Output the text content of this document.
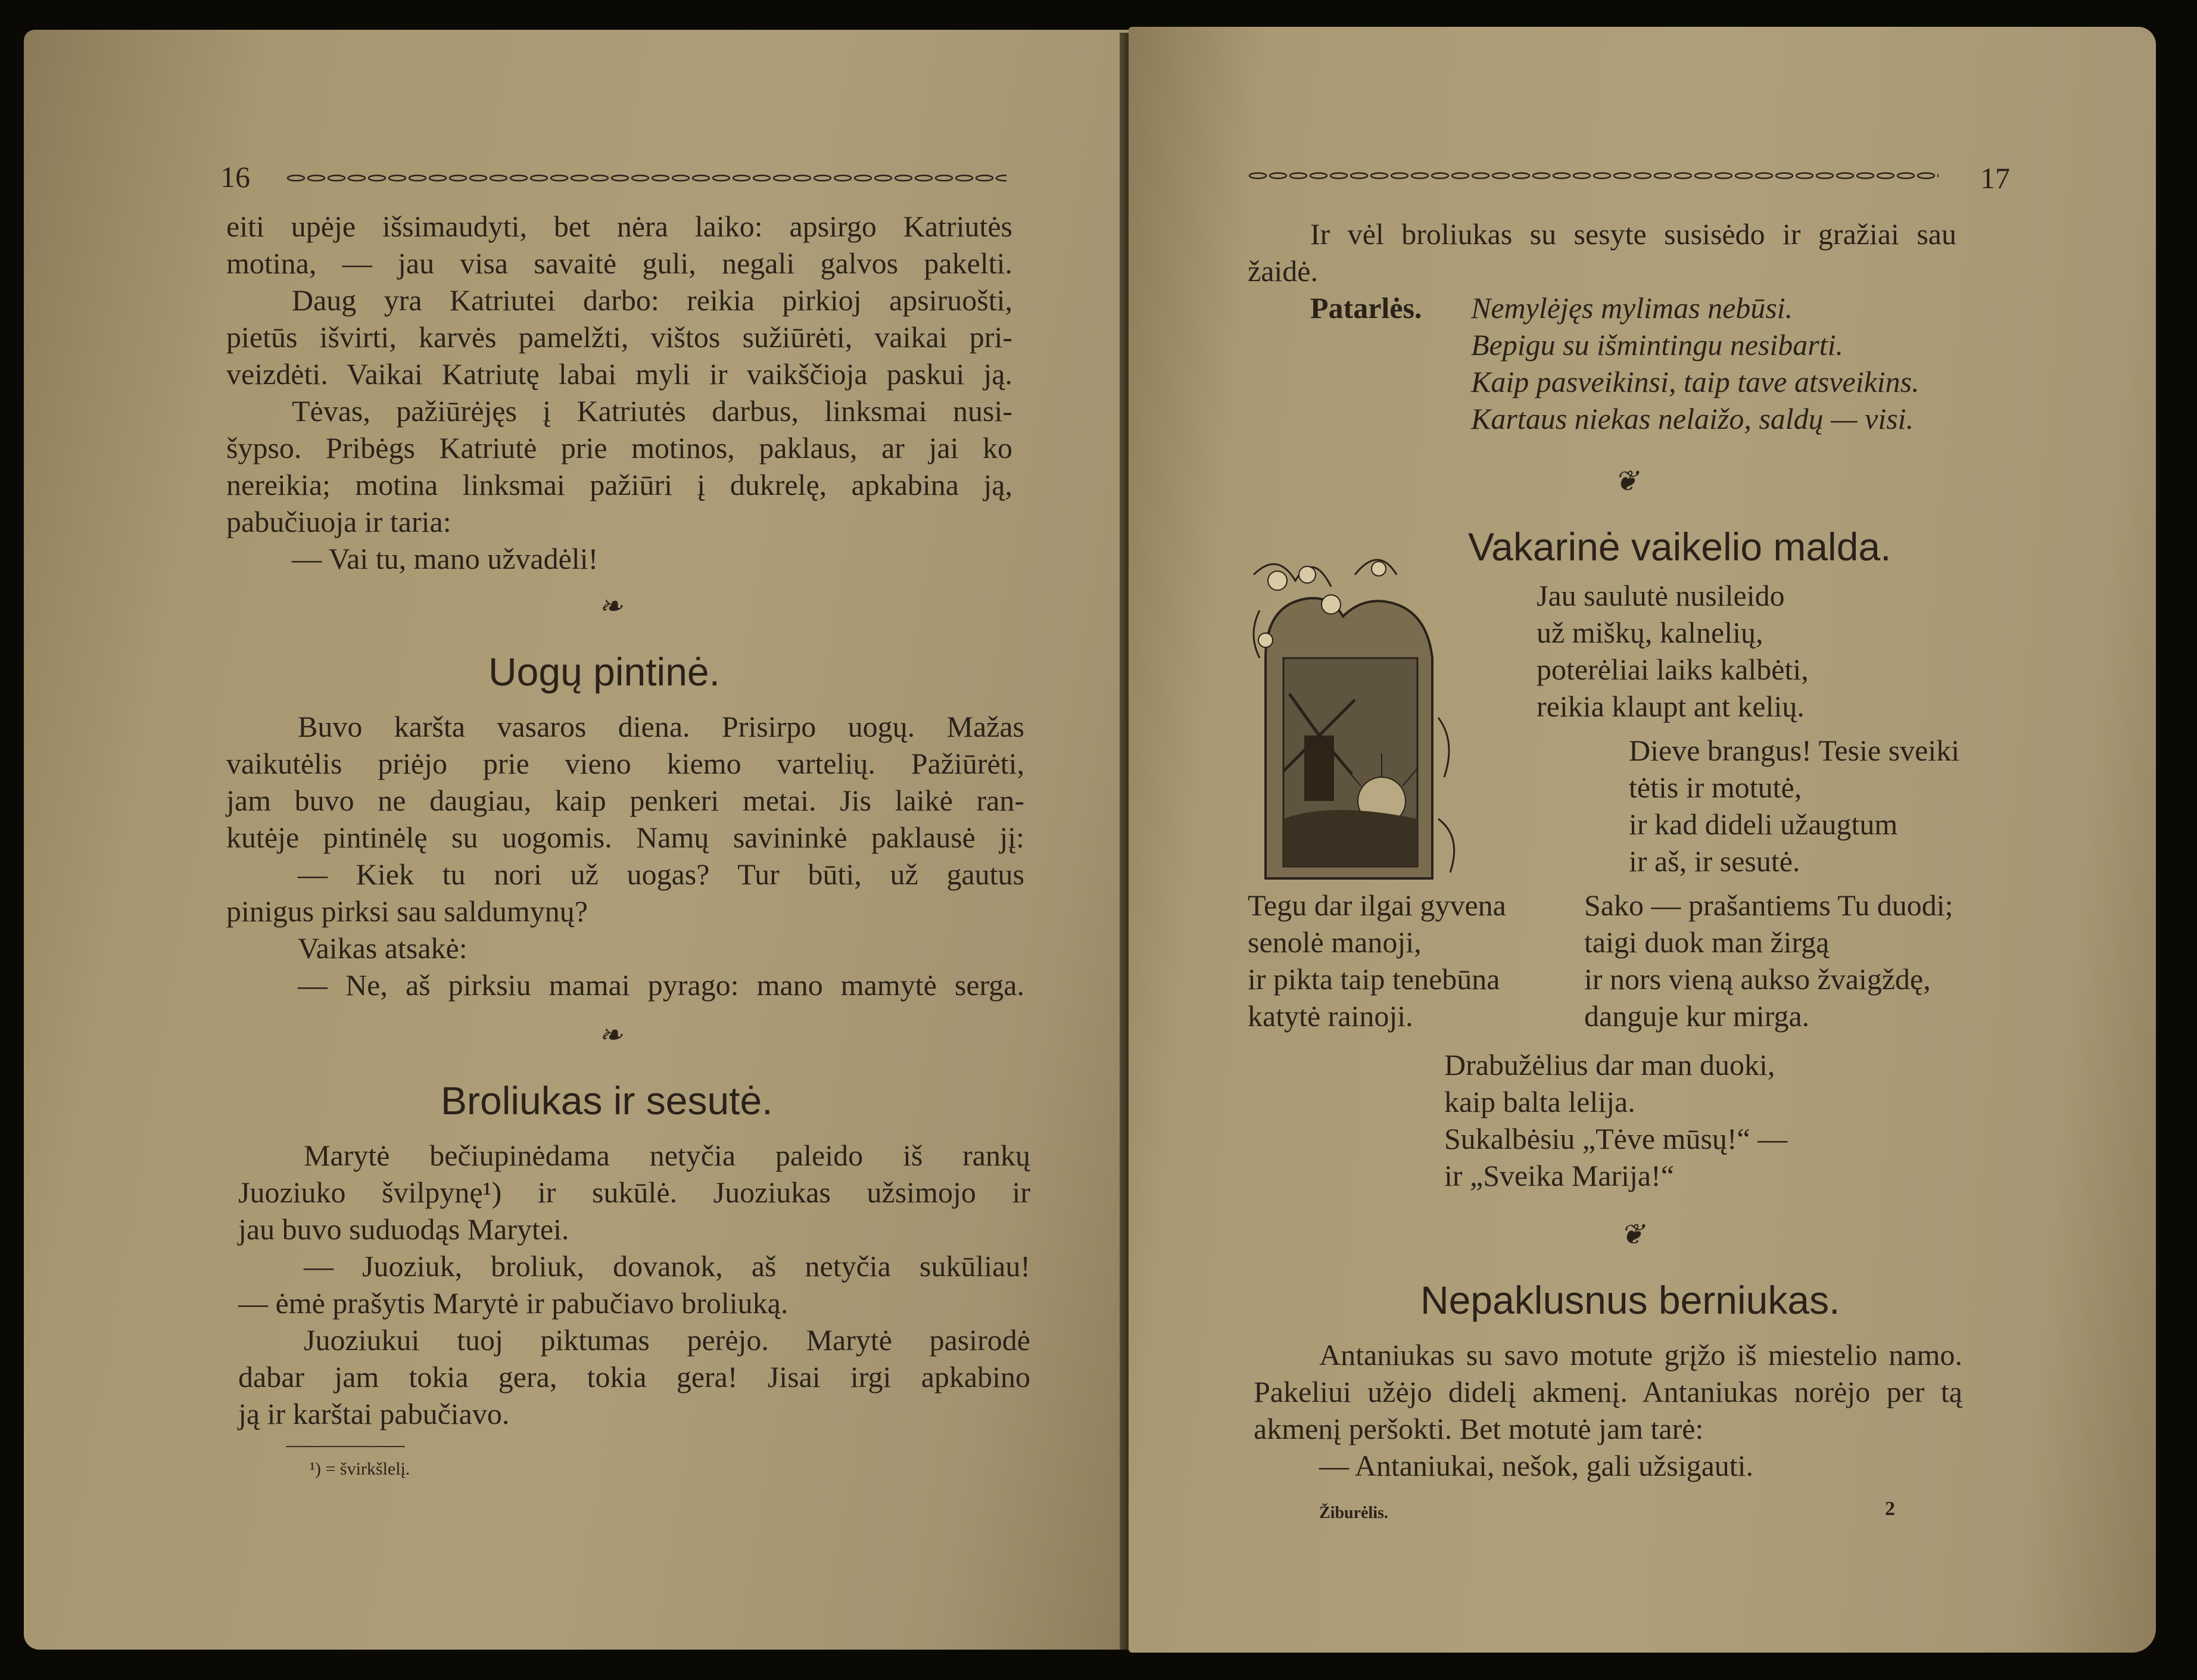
16
eiti upėje išsimaudyti, bet nėra laiko: apsirgo Katriutės
motina, — jau visa savaitė guli, negali galvos pakelti.
Daug yra Katriutei darbo: reikia pirkioj apsiruošti,
pietūs išvirti, karvės pamelžti, vištos sužiūrėti, vaikai pri-
veizdėti. Vaikai Katriutę labai myli ir vaikščioja paskui ją.
Tėvas, pažiūrėjęs į Katriutės darbus, linksmai nusi-
šypso. Pribėgs Katriutė prie motinos, paklaus, ar jai ko
nereikia; motina linksmai pažiūri į dukrelę, apkabina ją,
pabučiuoja ir taria:
— Vai tu, mano užvadėli!
❧
Uogų pintinė.
Buvo karšta vasaros diena. Prisirpo uogų. Mažas
vaikutėlis priėjo prie vieno kiemo vartelių. Pažiūrėti,
jam buvo ne daugiau, kaip penkeri metai. Jis laikė ran-
kutėje pintinėlę su uogomis. Namų savininkė paklausė jį:
— Kiek tu nori už uogas? Tur būti, už gautus
pinigus pirksi sau saldumynų?
Vaikas atsakė:
— Ne, aš pirksiu mamai pyrago: mano mamytė serga.
❧
Broliukas ir sesutė.
Marytė bečiupinėdama netyčia paleido iš rankų
Juoziuko švilpynę¹) ir sukūlė. Juoziukas užsimojo ir
jau buvo suduodąs Marytei.
— Juoziuk, broliuk, dovanok, aš netyčia sukūliau!
— ėmė prašytis Marytė ir pabučiavo broliuką.
Juoziukui tuoj piktumas perėjo. Marytė pasirodė
dabar jam tokia gera, tokia gera! Jisai irgi apkabino
ją ir karštai pabučiavo.
¹) = švirkšlelį.
17
Ir vėl broliukas su sesyte susisėdo ir gražiai sau
žaidė.
Patarlės. Nemylėjęs mylimas nebūsi.
Bepigu su išmintingu nesibarti.
Kaip pasveikinsi, taip tave atsveikins.
Kartaus niekas nelaižo, saldų — visi.
❦
Vakarinė vaikelio malda.
Jau saulutė nusileido
už miškų, kalnelių,
poterėliai laiks kalbėti,
reikia klaupt ant kelių.
Dieve brangus! Tesie sveiki
tėtis ir motutė,
ir kad dideli užaugtum
ir aš, ir sesutė.
Tegu dar ilgai gyvena
senolė manoji,
ir pikta taip tenebūna
katytė rainoji.
Sako — prašantiems Tu duodi;
taigi duok man žirgą
ir nors vieną aukso žvaigždę,
danguje kur mirga.
Drabužėlius dar man duoki,
kaip balta lelija.
Sukalbėsiu „Tėve mūsų!“ —
ir „Sveika Marija!“
❦
Nepaklusnus berniukas.
Antaniukas su savo motute grįžo iš miestelio namo.
Pakeliui užėjo didelį akmenį. Antaniukas norėjo per tą
akmenį peršokti. Bet motutė jam tarė:
— Antaniukai, nešok, gali užsigauti.
Žiburėlis.	2
